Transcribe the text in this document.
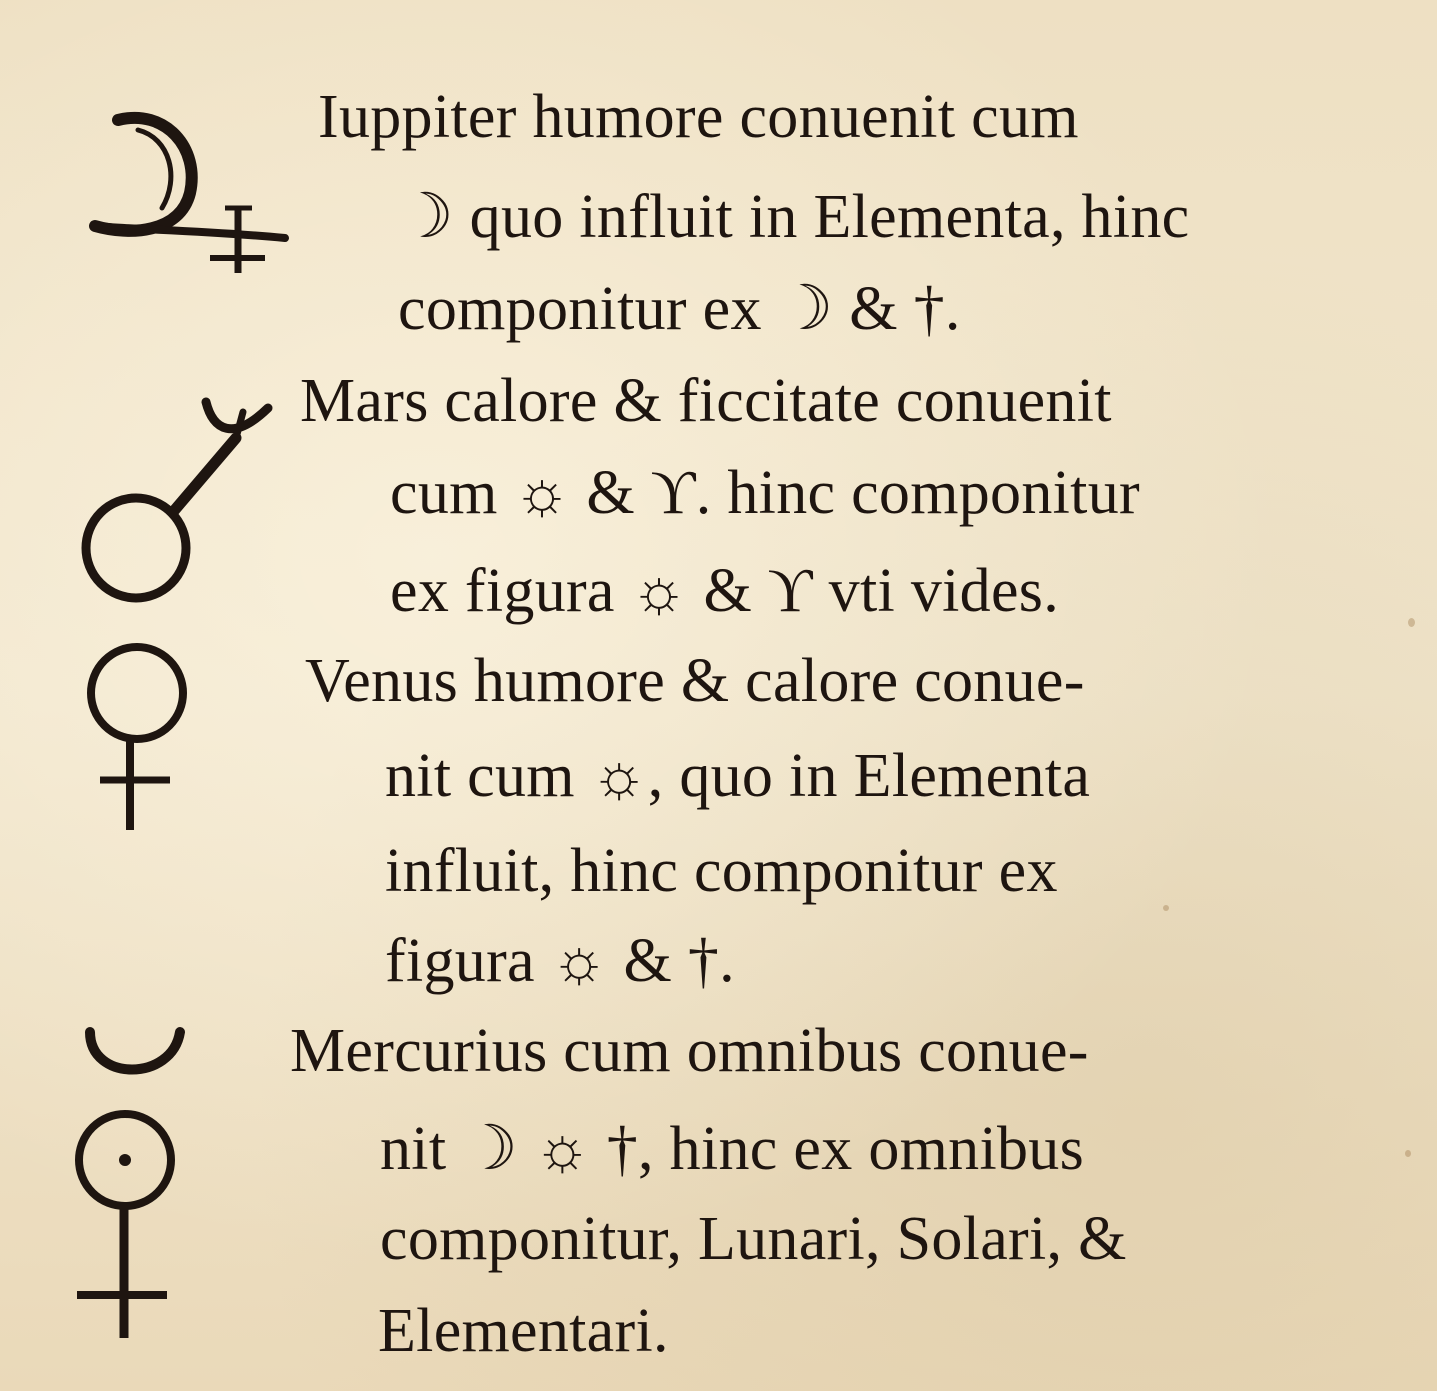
Iuppiter humore conuenit cum
☽ quo influit in Elementa, hinc
componitur ex ☽ & †.
Mars calore & ficcitate conuenit
cum ☼ & ϒ. hinc componitur
ex figura ☼ & ϒ vti vides.
Venus humore & calore conue-
nit cum ☼, quo in Elementa
influit, hinc componitur ex
figura ☼ & †.
Mercurius cum omnibus conue-
nit ☽ ☼ †, hinc ex omnibus
componitur, Lunari, Solari, &
Elementari.
